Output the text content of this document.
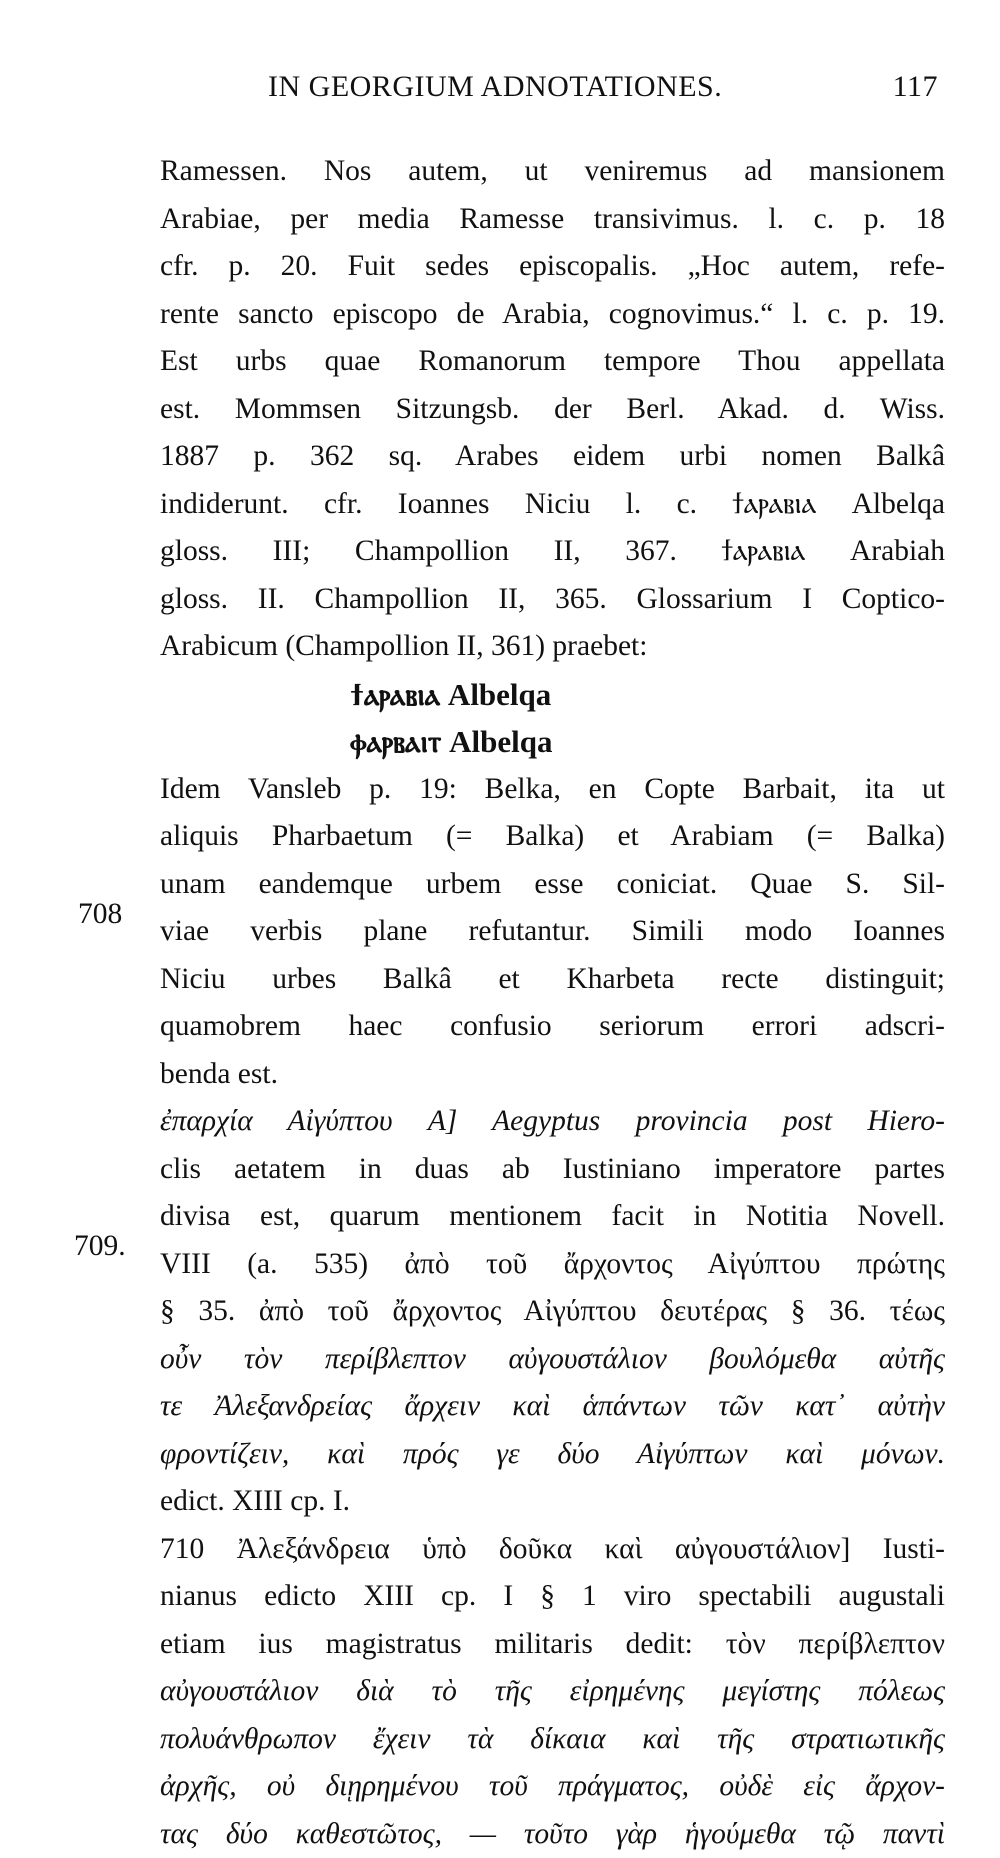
IN GEORGIUM ADNOTATIONES.	117
708
709.
Ramessen. Nos autem, ut veniremus ad mansionem
Arabiae, per media Ramesse transivimus. l. c. p. 18
cfr. p. 20. Fuit sedes episcopalis. „Hoc autem, refe-
rente sancto episcopo de Arabia, cognovimus.“ l. c. p. 19.
Est urbs quae Romanorum tempore Thou appellata
est. Mommsen Sitzungsb. der Berl. Akad. d. Wiss.
1887 p. 362 sq. Arabes eidem urbi nomen Balkâ
indiderunt. cfr. Ioannes Niciu l. c. ϯⲁⲣⲁⲃⲓⲁ Albelqa
gloss. III; Champollion II, 367. ϯⲁⲣⲁⲃⲓⲁ Arabiah
gloss. II. Champollion II, 365. Glossarium I Coptico-
Arabicum (Champollion II, 361) praebet:
ϯⲁⲣⲁⲃⲓⲁ Albelqa
ⲫⲁⲣⲃⲁⲓⲧ Albelqa
Idem Vansleb p. 19: Belka, en Copte Barbait, ita ut
aliquis Pharbaetum (= Balka) et Arabiam (= Balka)
unam eandemque urbem esse coniciat. Quae S. Sil-
viae verbis plane refutantur. Simili modo Ioannes
Niciu urbes Balkâ et Kharbeta recte distinguit;
quamobrem haec confusio seriorum errori adscri-
benda est.
ἐπαρχία Αἰγύπτου A] Aegyptus provincia post Hiero-
clis aetatem in duas ab Iustiniano imperatore partes
divisa est, quarum mentionem facit in Notitia Novell.
VIII (a. 535) ἀπὸ τοῦ ἄρχοντος Αἰγύπτου πρώτης
§ 35. ἀπὸ τοῦ ἄρχοντος Αἰγύπτου δευτέρας § 36. τέως
οὖν τὸν περίβλεπτον αὐγουστάλιον βουλόμεθα αὐτῆς
τε Ἀλεξανδρείας ἄρχειν καὶ ἁπάντων τῶν κατ᾿ αὐτὴν
φροντίζειν, καὶ πρός γε δύο Αἰγύπτων καὶ μόνων.
edict. XIII cp. I.
710 Ἀλεξάνδρεια ὑπὸ δοῦκα καὶ αὐγουστάλιον] Iusti-
nianus edicto XIII cp. I § 1 viro spectabili augustali
etiam ius magistratus militaris dedit: τὸν περίβλεπτον
αὐγουστάλιον διὰ τὸ τῆς εἰρημένης μεγίστης πόλεως
πολυάνθρωπον ἔχειν τὰ δίκαια καὶ τῆς στρατιωτικῆς
ἀρχῆς, οὐ διῃρημένου τοῦ πράγματος, οὐδὲ εἰς ἄρχον-
τας δύο καθεστῶτος, — τοῦτο γὰρ ἡγούμεθα τῷ παντὶ
